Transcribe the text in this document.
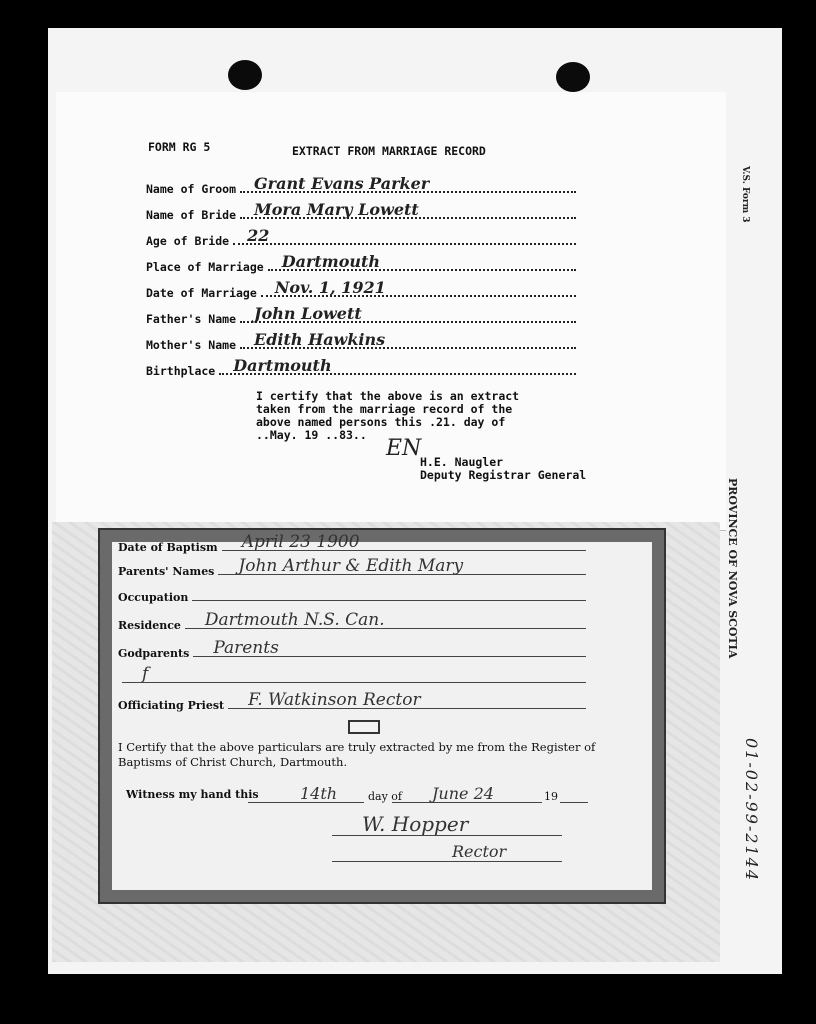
V.S. Form 3
PROVINCE OF NOVA SCOTIA
01-02-99-2144
FORM RG 5	EXTRACT FROM MARRIAGE RECORD
Name of Groom Grant Evans Parker
Name of Bride Mora Mary Lowett
Age of Bride 22
Place of Marriage Dartmouth
Date of Marriage Nov. 1, 1921
Father's Name John Lowett
Mother's Name Edith Hawkins
Birthplace Dartmouth
I certify that the above is an extract
taken from the marriage record of the
above named persons this .21. day of
..May. 19 ..83..
EN
H.E. Naugler
Deputy Registrar General
Date of Baptism April 23 1900
Parents' Names John Arthur & Edith Mary
Occupation
Residence Dartmouth N.S. Can.
Godparents Parents
f
Officiating Priest F. Watkinson Rector
I Certify that the above particulars are truly extracted by me from the Register of Baptisms of Christ Church, Dartmouth.
Witness my hand this	14th	day of June 24	19
W. Hopper
Rector
